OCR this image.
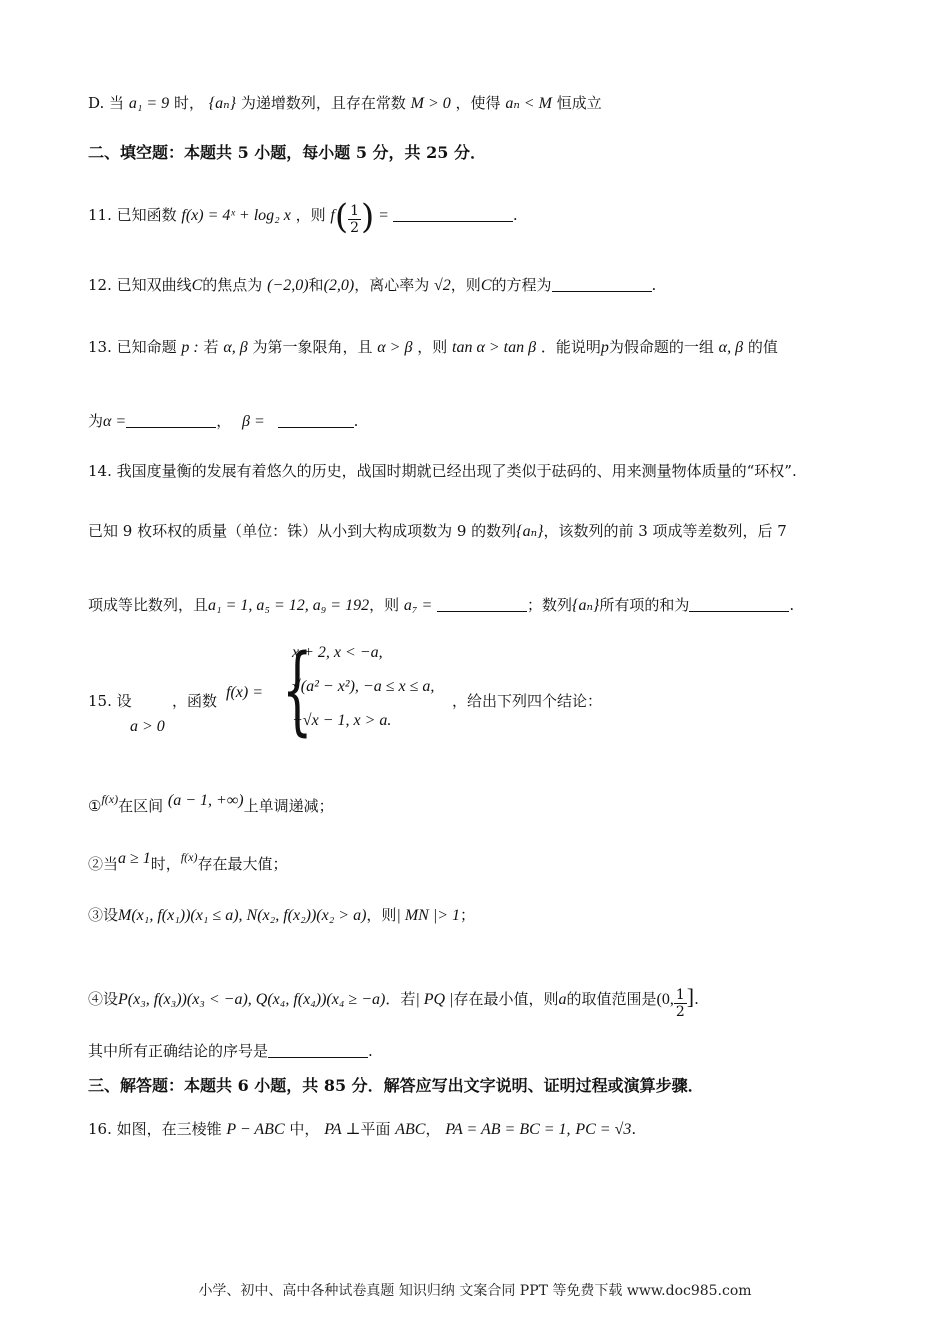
D. 当 a₁ = 9 时， {aₙ} 为递增数列，且存在常数 M > 0 ，使得 aₙ < M 恒成立
二、填空题：本题共 5 小题，每小题 5 分，共 25 分．
11. 已知函数 f(x) = 4ˣ + log₂ x ，则 $f( \frac{1}{2}$ ) =	.
12. 已知双曲线C的焦点为 (−2,0)和(2,0)，离心率为 √2，则C的方程为	.
13. 已知命题 p : 若 α, β 为第一象限角，且 α > β ，则 tan α > tan β ．能说明p为假命题的一组 α, β 的值
为α =	， β =	.
14. 我国度量衡的发展有着悠久的历史，战国时期就已经出现了类似于砝码的、用来测量物体质量的“环权”.
已知 9 枚环权的质量（单位：铢）从小到大构成项数为 9 的数列{aₙ}，该数列的前 3 项成等差数列，后 7
项成等比数列，且a₁ = 1, a₅ = 12, a₉ = 192，则 a₇ =	；数列{aₙ}所有项的和为	.
15. 设
a > 0
，函数 f(x) = {
x + 2, x < −a,
√(a² − x²), −a ≤ x ≤ a,
−√x − 1, x > a.
，给出下列四个结论：
①$^{f(x)}$在区间 (a − 1, +∞)上单调递减；
②当a ≥ 1时，$^{f(x)}$存在最大值；
③设M(x₁, f(x₁))(x₁ ≤ a), N(x₂, f(x₂))(x₂ > a)，则| MN |> 1；
④设P(x₃, f(x₃))(x₃ < −a), Q(x₄, f(x₄))(x₄ ≥ −a)．若| PQ |存在最小值，则a的取值范围是(0, $\frac{1}{2}$ ].
其中所有正确结论的序号是	.
三、解答题：本题共 6 小题，共 85 分．解答应写出文字说明、证明过程或演算步骤．
16. 如图，在三棱锥 P − ABC 中， PA ⊥平面 ABC， PA = AB = BC = 1, PC = √3.
小学、初中、高中各种试卷真题 知识归纳 文案合同 PPT 等免费下载 www.doc985.com
